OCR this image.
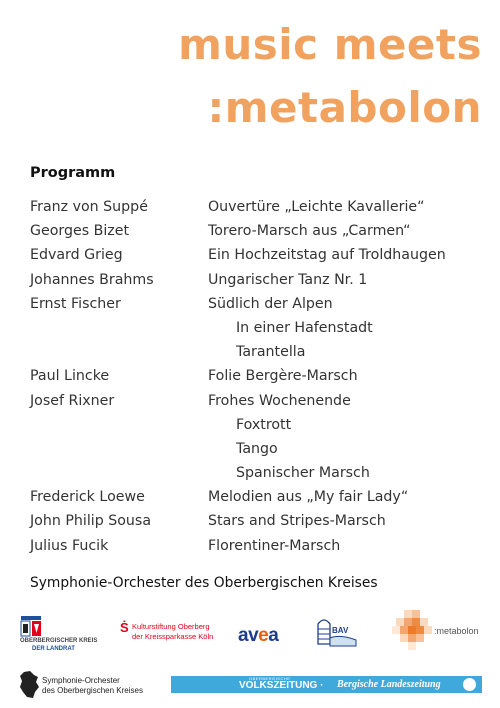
music meets
:metabolon
Programm
Franz von Suppé	Ouvertüre „Leichte Kavallerie“
Georges Bizet	Torero-Marsch aus „Carmen“
Edvard Grieg	Ein Hochzeitstag auf Troldhaugen
Johannes Brahms	Ungarischer Tanz Nr. 1
Ernst Fischer	Südlich der Alpen
In einer Hafenstadt
Tarantella
Paul Lincke	Folie Bergère-Marsch
Josef Rixner	Frohes Wochenende
Foxtrott
Tango
Spanischer Marsch
Frederick Loewe	Melodien aus „My fair Lady“
John Philip Sousa	Stars and Stripes-Marsch
Julius Fucik	Florentiner-Marsch
Symphonie-Orchester des Oberbergischen Kreises
OBERBERGISCHER KREIS
DER LANDRAT
Ṡ Kulturstiftung Oberberg
der Kreissparkasse Köln avea	BAV	:metabolon
Symphonie-Orchester
des Oberbergischen Kreises
OBERBERGISCHE
VOLKSZEITUNG · Bergische Landeszeitung
